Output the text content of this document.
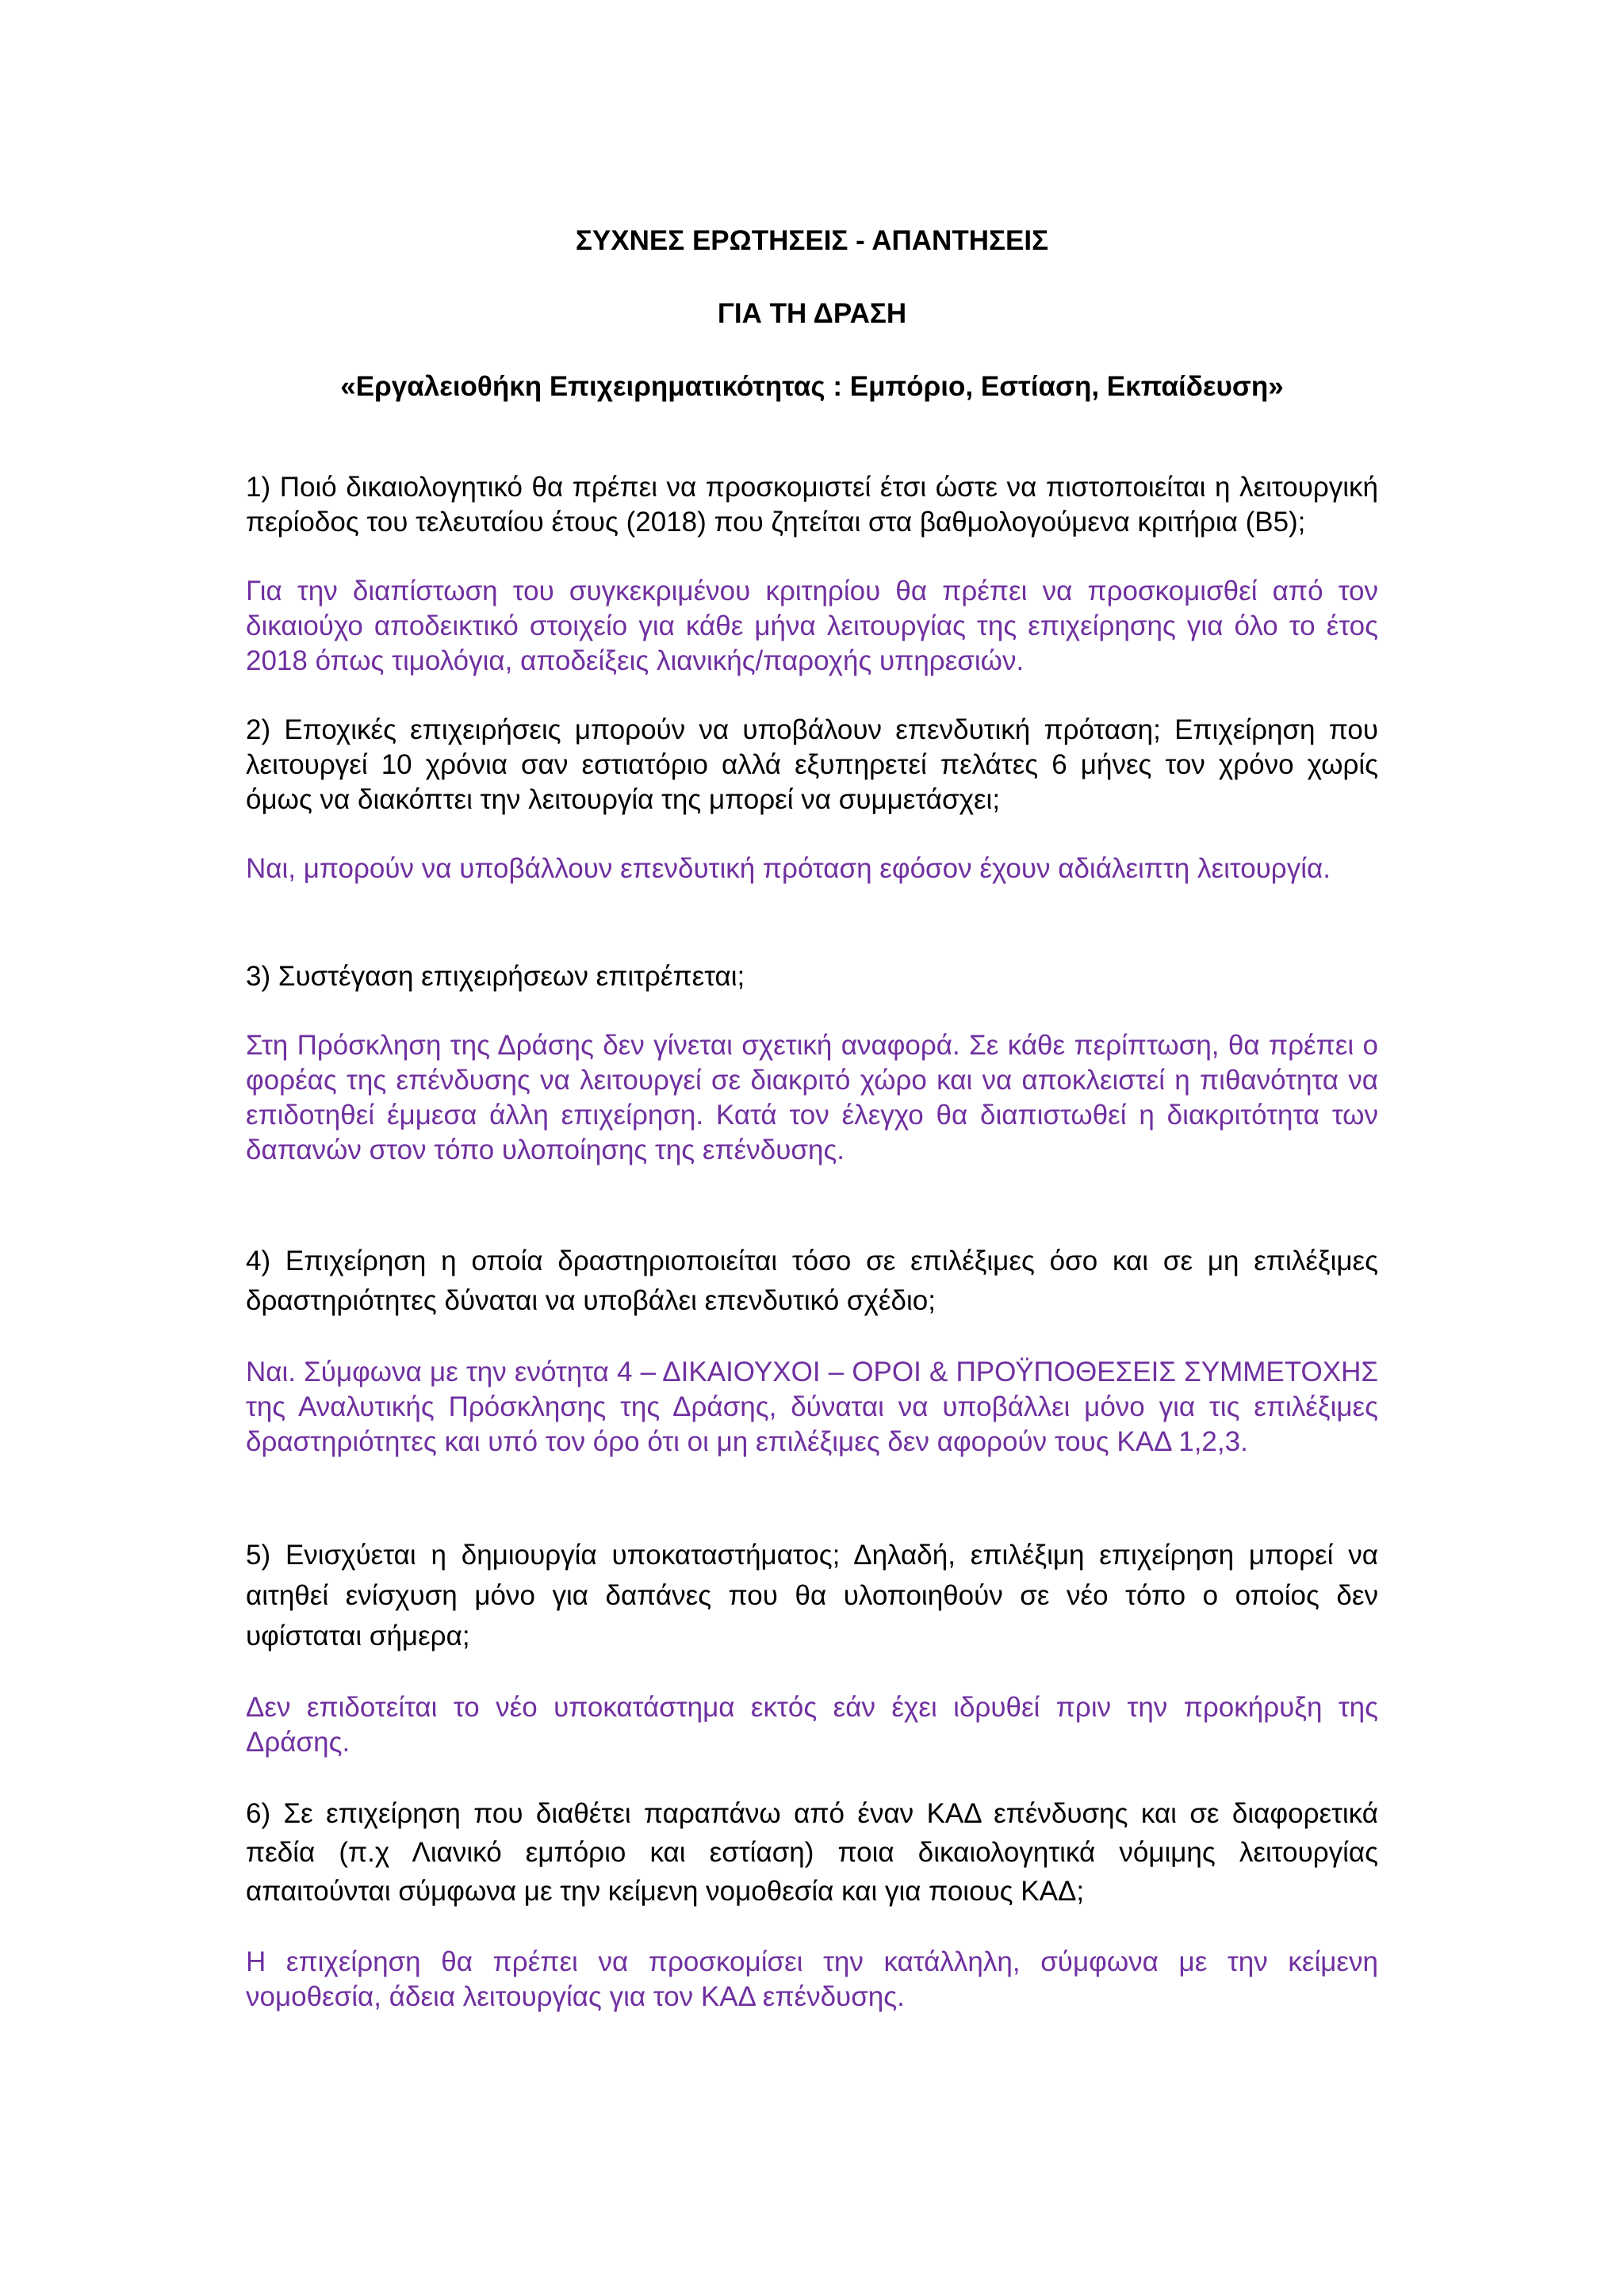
ΣΥΧΝΕΣ ΕΡΩΤΗΣΕΙΣ - ΑΠΑΝΤΗΣΕΙΣ

ΓΙΑ ΤΗ ΔΡΑΣΗ

«Εργαλειοθήκη Επιχειρηματικότητας : Εμπόριο, Εστίαση, Εκπαίδευση»

1) Ποιό δικαιολογητικό θα πρέπει να προσκομιστεί έτσι ώστε να πιστοποιείται η λειτουργική περίοδος του τελευταίου έτους (2018) που ζητείται στα βαθμολογούμενα κριτήρια (Β5);

Για την διαπίστωση του συγκεκριμένου κριτηρίου θα πρέπει να προσκομισθεί από τον δικαιούχο αποδεικτικό στοιχείο για κάθε μήνα λειτουργίας της επιχείρησης για όλο το έτος 2018 όπως τιμολόγια, αποδείξεις λιανικής/παροχής υπηρεσιών.

2) Εποχικές επιχειρήσεις μπορούν να υποβάλουν επενδυτική πρόταση; Επιχείρηση που λειτουργεί 10 χρόνια σαν εστιατόριο αλλά εξυπηρετεί πελάτες 6 μήνες τον χρόνο χωρίς όμως να διακόπτει την λειτουργία της μπορεί να συμμετάσχει;

Ναι, μπορούν να υποβάλλουν επενδυτική πρόταση εφόσον έχουν αδιάλειπτη λειτουργία.

3) Συστέγαση επιχειρήσεων επιτρέπεται;

Στη Πρόσκληση της Δράσης δεν γίνεται σχετική αναφορά. Σε κάθε περίπτωση, θα πρέπει ο φορέας της επένδυσης να λειτουργεί σε διακριτό χώρο και να αποκλειστεί η πιθανότητα να επιδοτηθεί έμμεσα άλλη επιχείρηση. Κατά τον έλεγχο θα διαπιστωθεί η διακριτότητα των δαπανών στον τόπο υλοποίησης της επένδυσης.

4) Επιχείρηση η οποία δραστηριοποιείται τόσο σε επιλέξιμες όσο και σε μη επιλέξιμες δραστηριότητες δύναται να υποβάλει επενδυτικό σχέδιο;

Ναι. Σύμφωνα με την ενότητα 4 – ΔΙΚΑΙΟΥΧΟΙ – ΟΡΟΙ & ΠΡΟΫΠΟΘΕΣΕΙΣ ΣΥΜΜΕΤΟΧΗΣ της Αναλυτικής Πρόσκλησης της Δράσης, δύναται να υποβάλλει μόνο για τις επιλέξιμες δραστηριότητες και υπό τον όρο ότι οι μη επιλέξιμες δεν αφορούν τους ΚΑΔ 1,2,3.

5) Ενισχύεται η δημιουργία υποκαταστήματος; Δηλαδή, επιλέξιμη επιχείρηση μπορεί να αιτηθεί ενίσχυση μόνο για δαπάνες που θα υλοποιηθούν σε νέο τόπο ο οποίος δεν υφίσταται σήμερα;

Δεν επιδοτείται το νέο υποκατάστημα εκτός εάν έχει ιδρυθεί πριν την προκήρυξη της Δράσης.

6) Σε επιχείρηση που διαθέτει παραπάνω από έναν ΚΑΔ επένδυσης και σε διαφορετικά πεδία (π.χ Λιανικό εμπόριο και εστίαση) ποια δικαιολογητικά νόμιμης λειτουργίας απαιτούνται σύμφωνα με την κείμενη νομοθεσία και για ποιους ΚΑΔ;

Η επιχείρηση θα πρέπει να προσκομίσει την κατάλληλη, σύμφωνα με την κείμενη νομοθεσία, άδεια λειτουργίας για τον ΚΑΔ επένδυσης.
